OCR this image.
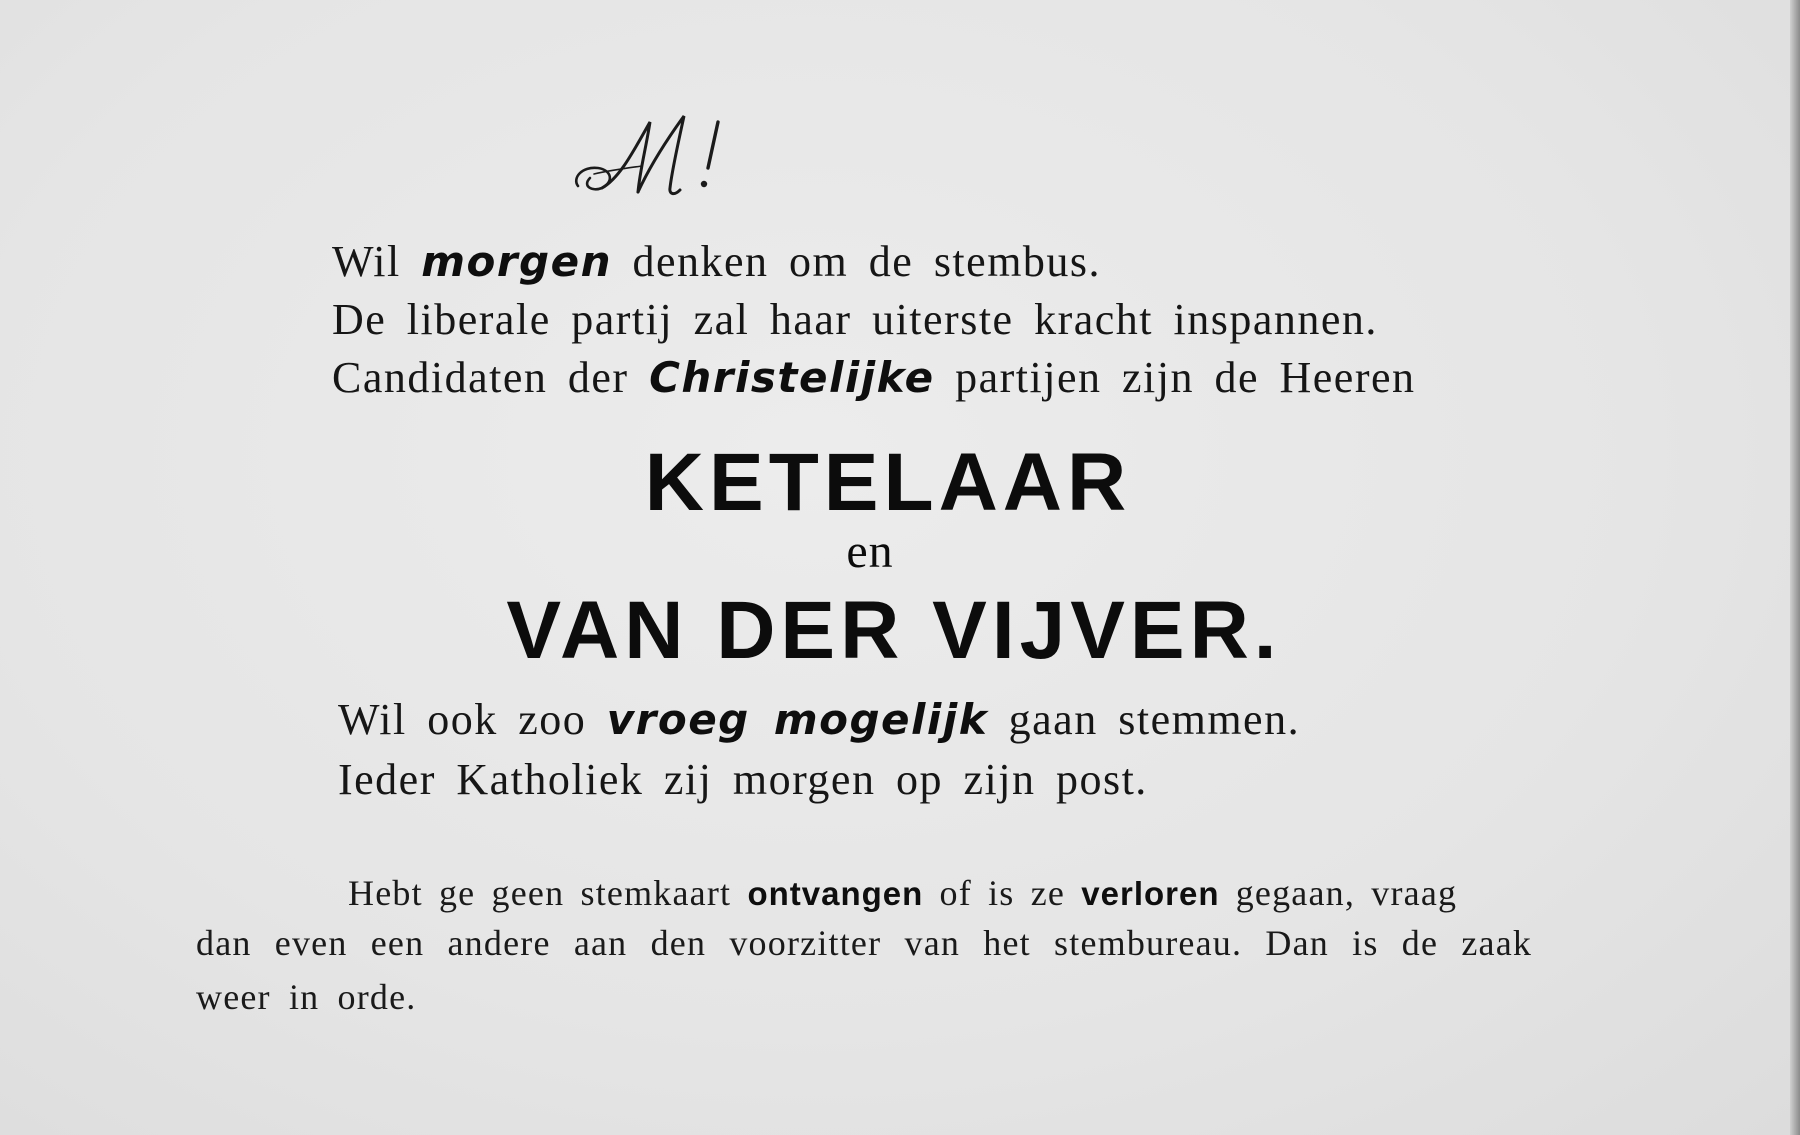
M!
Wil morgen denken om de stembus.
De liberale partij zal haar uiterste kracht inspannen.
Candidaten der Christelijke partijen zijn de Heeren
KETELAAR
en
VAN DER VIJVER.
Wil ook zoo vroeg mogelijk gaan stemmen.
Ieder Katholiek zij morgen op zijn post.
Hebt ge geen stemkaart ontvangen of is ze verloren gegaan, vraag
dan even een andere aan den voorzitter van het stembureau. Dan is de zaak
weer in orde.
